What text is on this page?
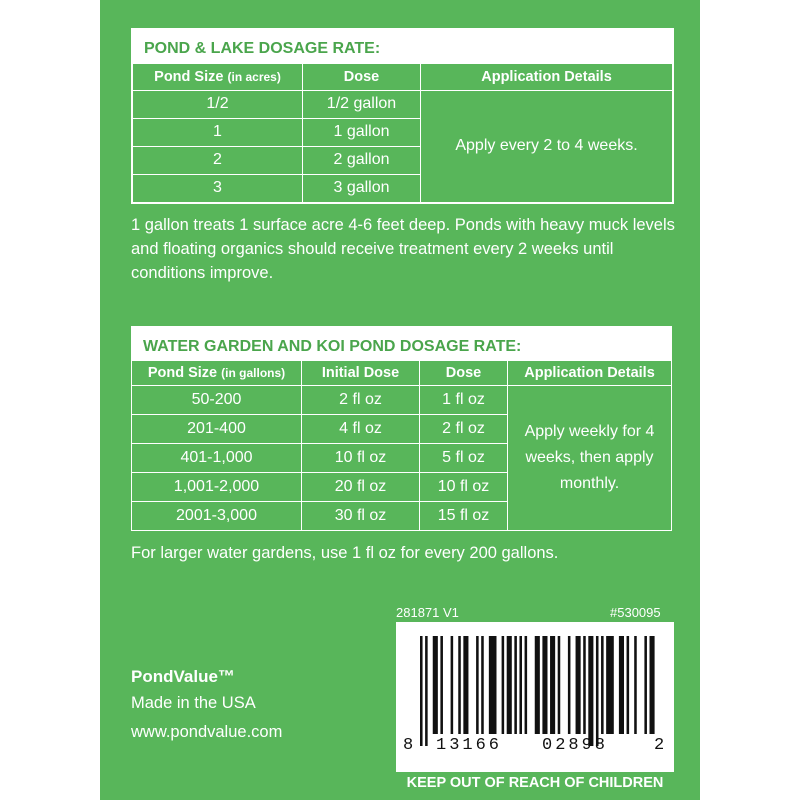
POND & LAKE DOSAGE RATE:
Pond Size (in acres)	Dose	Application Details
1/2	1/2 gallon	Apply every 2 to 4 weeks.
1	1 gallon	
2	2 gallon	
3	3 gallon	
1 gallon treats 1 surface acre 4-6 feet deep. Ponds with heavy muck levels and floating organics should receive treatment every 2 weeks until conditions improve.
WATER GARDEN AND KOI POND DOSAGE RATE:
Pond Size (in gallons)	Initial Dose	Dose	Application Details
50-200	2 fl oz	1 fl oz	Apply weekly for 4 weeks, then apply monthly.
201-400	4 fl oz	2 fl oz	
401-1,000	10 fl oz	5 fl oz	
1,001-2,000	20 fl oz	10 fl oz	
2001-3,000	30 fl oz	15 fl oz	
For larger water gardens, use 1 fl oz for every 200 gallons.
281871 V1	#530095
PondValue™
Made in the USA
www.pondvalue.com
8 13166 02898	2
KEEP OUT OF REACH OF CHILDREN
